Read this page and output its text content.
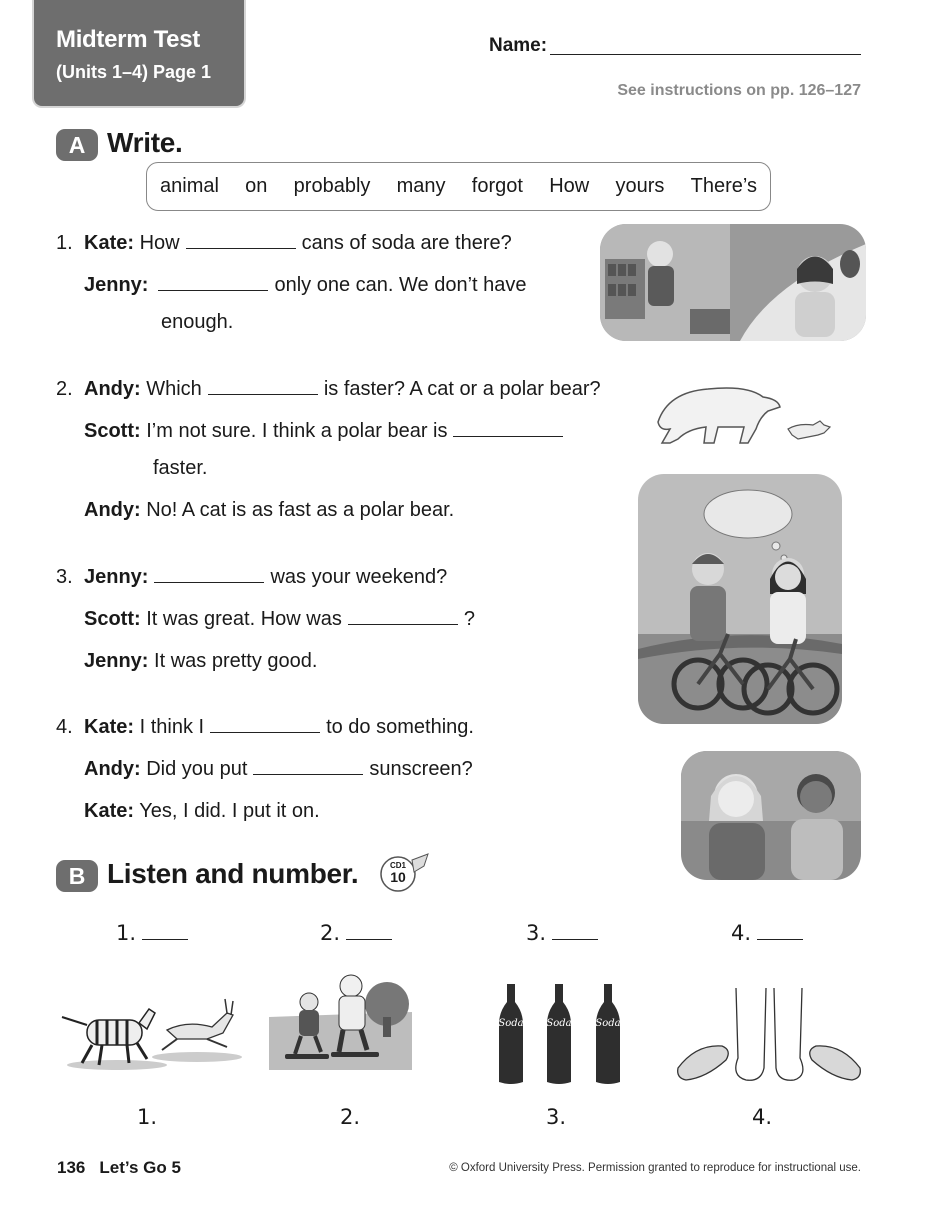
Midterm Test
(Units 1–4) Page 1
Name:
See instructions on pp. 126–127
A Write.
animal on probably many forgot How yours There’s
1. Kate: How	cans of soda are there?
Jenny:	only one can. We don’t have
enough.
2. Andy: Which	is faster? A cat or a polar bear?
Scott: I’m not sure. I think a polar bear is
faster.
Andy: No! A cat is as fast as a polar bear.
3. Jenny:	was your weekend?
Scott: It was great. How was	?
Jenny: It was pretty good.
4. Kate: I think I	to do something.
Andy: Did you put	sunscreen?
Kate: Yes, I did. I put it on.
B Listen and number.	CD1
10
1.	2.	3.	4.
Soda Soda Soda
1.	2.	3.	4.
136 Let’s Go 5	© Oxford University Press. Permission granted to reproduce for instructional use.
